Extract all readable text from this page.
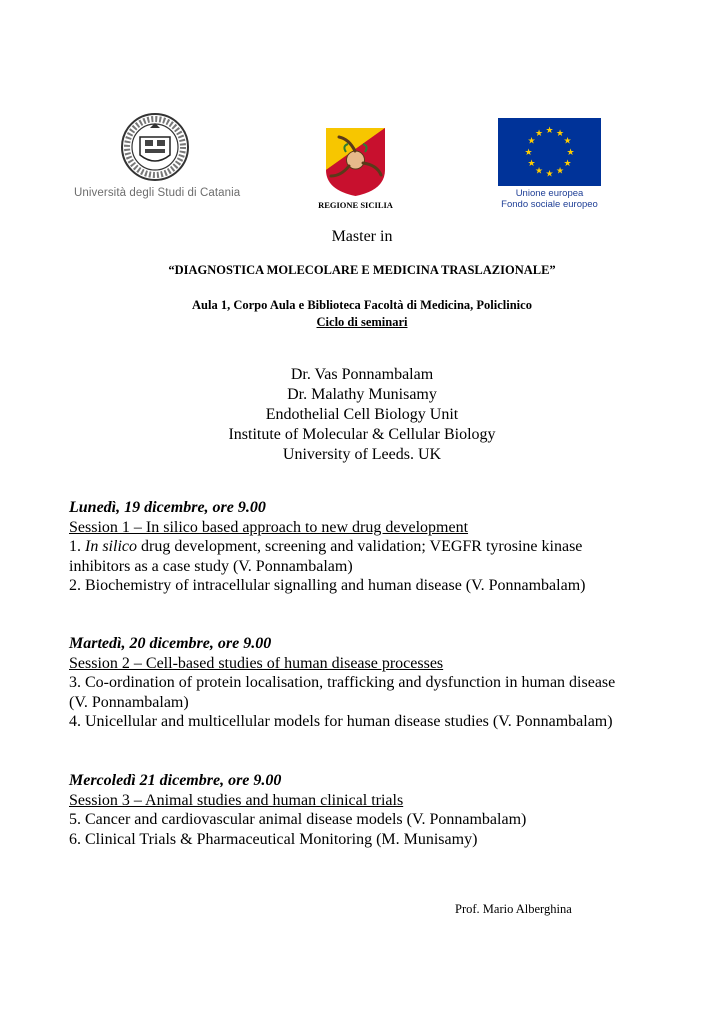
Università degli Studi di Catania
REGIONE SICILIA
★ ★
★
★
★
★
★
★
★
★
★
★
Unione europea
Fondo sociale europeo
Master in
“DIAGNOSTICA MOLECOLARE E MEDICINA TRASLAZIONALE”
Aula 1, Corpo Aula e Biblioteca Facoltà di Medicina, Policlinico
Ciclo di seminari
Dr. Vas Ponnambalam
Dr. Malathy Munisamy
Endothelial Cell Biology Unit
Institute of Molecular & Cellular Biology
University of Leeds. UK
Lunedì, 19 dicembre, ore 9.00
Session 1 – In silico based approach to new drug development
1. In silico drug development, screening and validation; VEGFR tyrosine kinase
inhibitors as a case study (V. Ponnambalam)
2. Biochemistry of intracellular signalling and human disease (V. Ponnambalam)
Martedì, 20 dicembre, ore 9.00
Session 2 – Cell-based studies of human disease processes
3. Co-ordination of protein localisation, trafficking and dysfunction in human disease
(V. Ponnambalam)
4. Unicellular and multicellular models for human disease studies (V. Ponnambalam)
Mercoledì 21 dicembre, ore 9.00
Session 3 – Animal studies and human clinical trials
5. Cancer and cardiovascular animal disease models (V. Ponnambalam)
6. Clinical Trials & Pharmaceutical Monitoring (M. Munisamy)
Prof. Mario Alberghina
